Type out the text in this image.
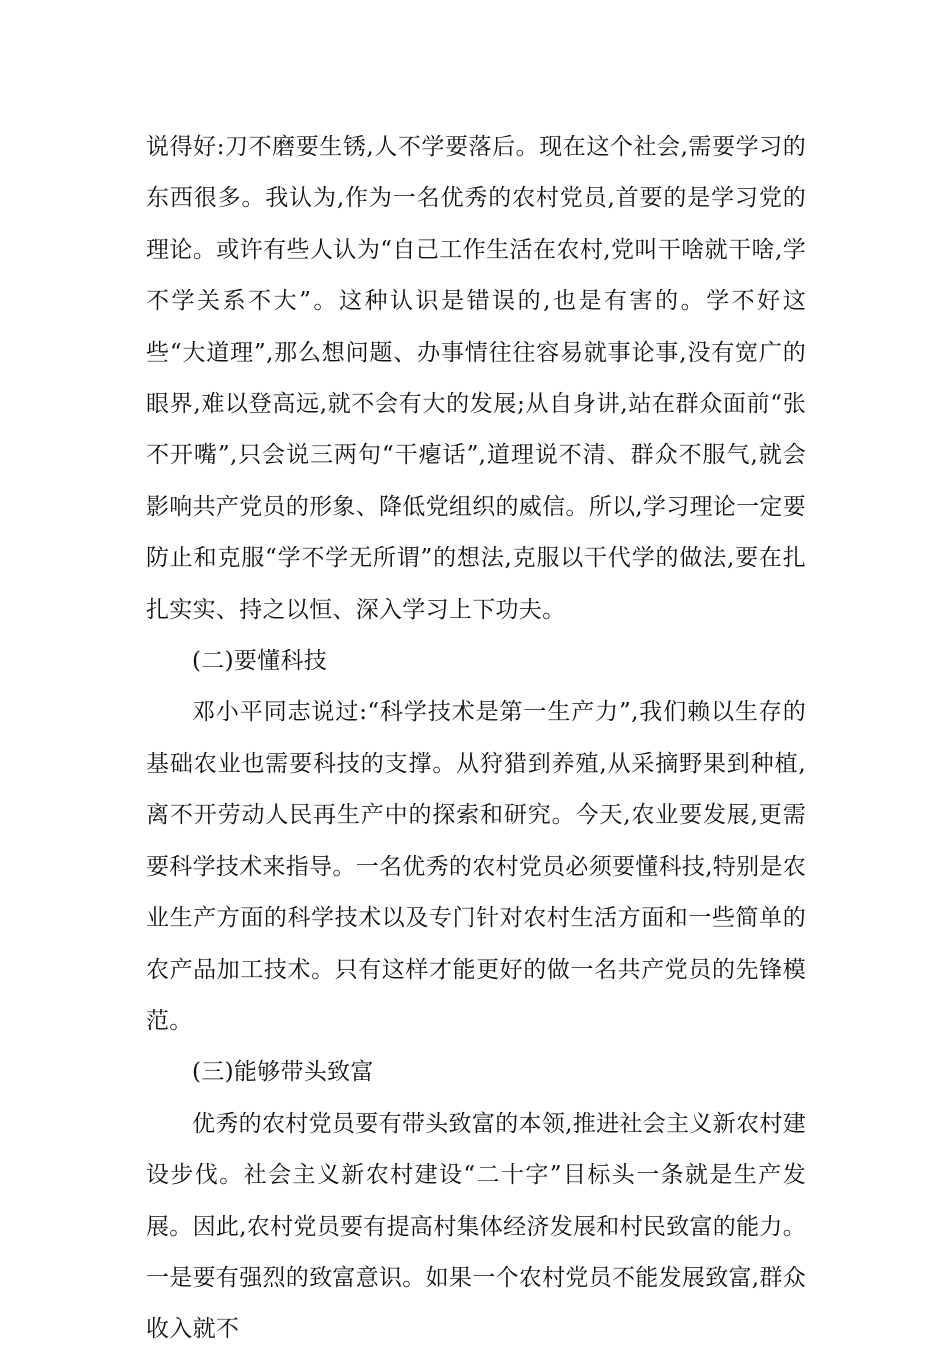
说得好:刀不磨要生锈,人不学要落后。现在这个社会,需要学习的东西很多。我认为,作为一名优秀的农村党员,首要的是学习党的理论。或许有些人认为“自己工作生活在农村,党叫干啥就干啥,学不学关系不大”。这种认识是错误的,也是有害的。学不好这些“大道理”,那么想问题、办事情往往容易就事论事,没有宽广的眼界,难以登高远,就不会有大的发展;从自身讲,站在群众面前“张不开嘴”,只会说三两句“干瘪话”,道理说不清、群众不服气,就会影响共产党员的形象、降低党组织的威信。所以,学习理论一定要防止和克服“学不学无所谓”的想法,克服以干代学的做法,要在扎扎实实、持之以恒、深入学习上下功夫。

(二)要懂科技

邓小平同志说过:“科学技术是第一生产力”,我们赖以生存的基础农业也需要科技的支撑。从狩猎到养殖,从采摘野果到种植,离不开劳动人民再生产中的探索和研究。今天,农业要发展,更需要科学技术来指导。一名优秀的农村党员必须要懂科技,特别是农业生产方面的科学技术以及专门针对农村生活方面和一些简单的农产品加工技术。只有这样才能更好的做一名共产党员的先锋模范。

(三)能够带头致富

优秀的农村党员要有带头致富的本领,推进社会主义新农村建设步伐。社会主义新农村建设“二十字”目标头一条就是生产发展。因此,农村党员要有提高村集体经济发展和村民致富的能力。一是要有强烈的致富意识。如果一个农村党员不能发展致富,群众收入就不
